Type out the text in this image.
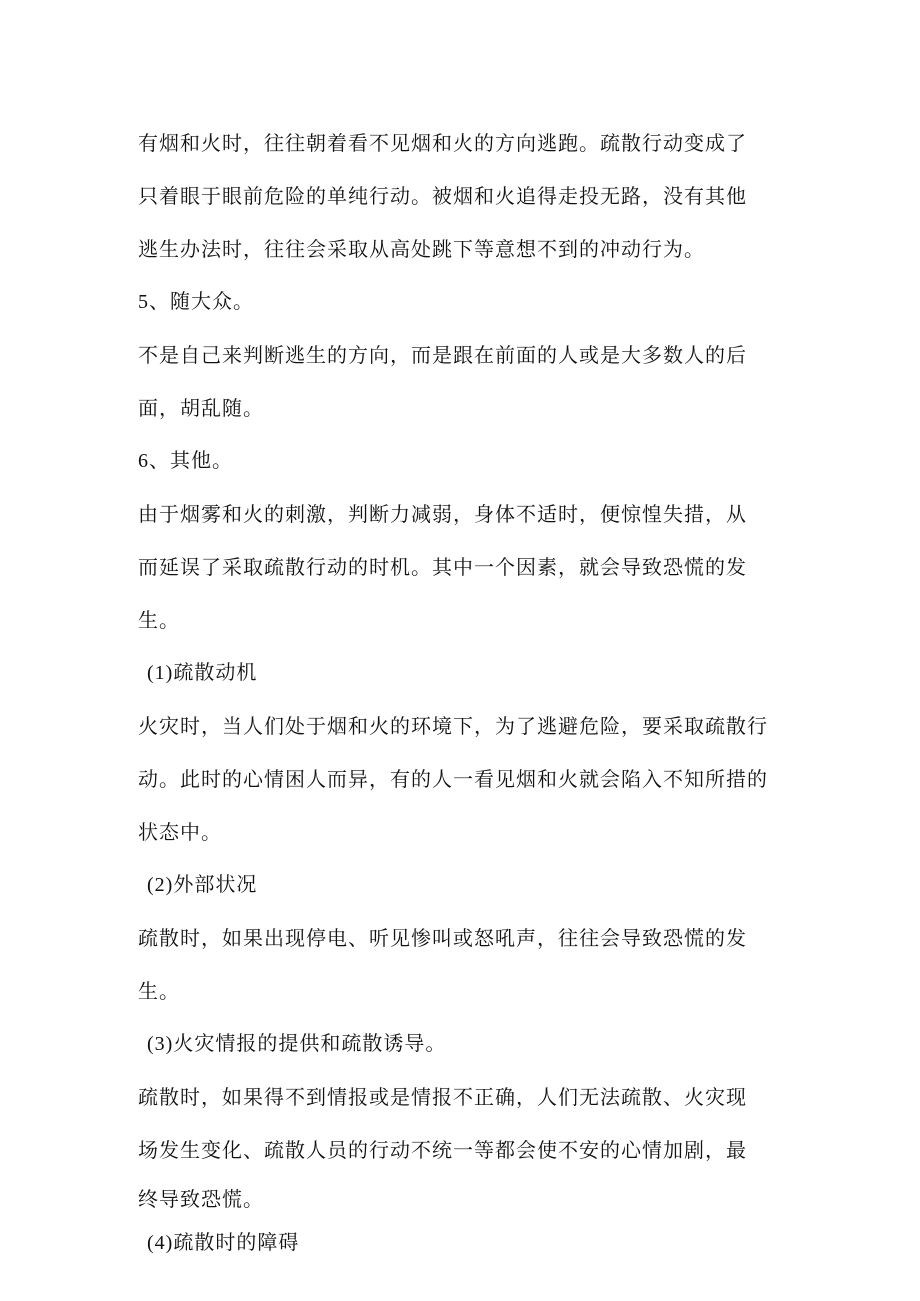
有烟和火时，往往朝着看不见烟和火的方向逃跑。疏散行动变成了
只着眼于眼前危险的单纯行动。被烟和火追得走投无路，没有其他
逃生办法时，往往会采取从高处跳下等意想不到的冲动行为。
5、随大众。
不是自己来判断逃生的方向，而是跟在前面的人或是大多数人的后
面，胡乱随。
6、其他。
由于烟雾和火的刺激，判断力减弱，身体不适时，便惊惶失措，从
而延误了采取疏散行动的时机。其中一个因素，就会导致恐慌的发
生。
(1)疏散动机
火灾时，当人们处于烟和火的环境下，为了逃避危险，要采取疏散行
动。此时的心情困人而异，有的人一看见烟和火就会陷入不知所措的
状态中。
(2)外部状况
疏散时，如果出现停电、听见惨叫或怒吼声，往往会导致恐慌的发
生。
(3)火灾情报的提供和疏散诱导。
疏散时，如果得不到情报或是情报不正确，人们无法疏散、火灾现
场发生变化、疏散人员的行动不统一等都会使不安的心情加剧，最
终导致恐慌。
(4)疏散时的障碍
